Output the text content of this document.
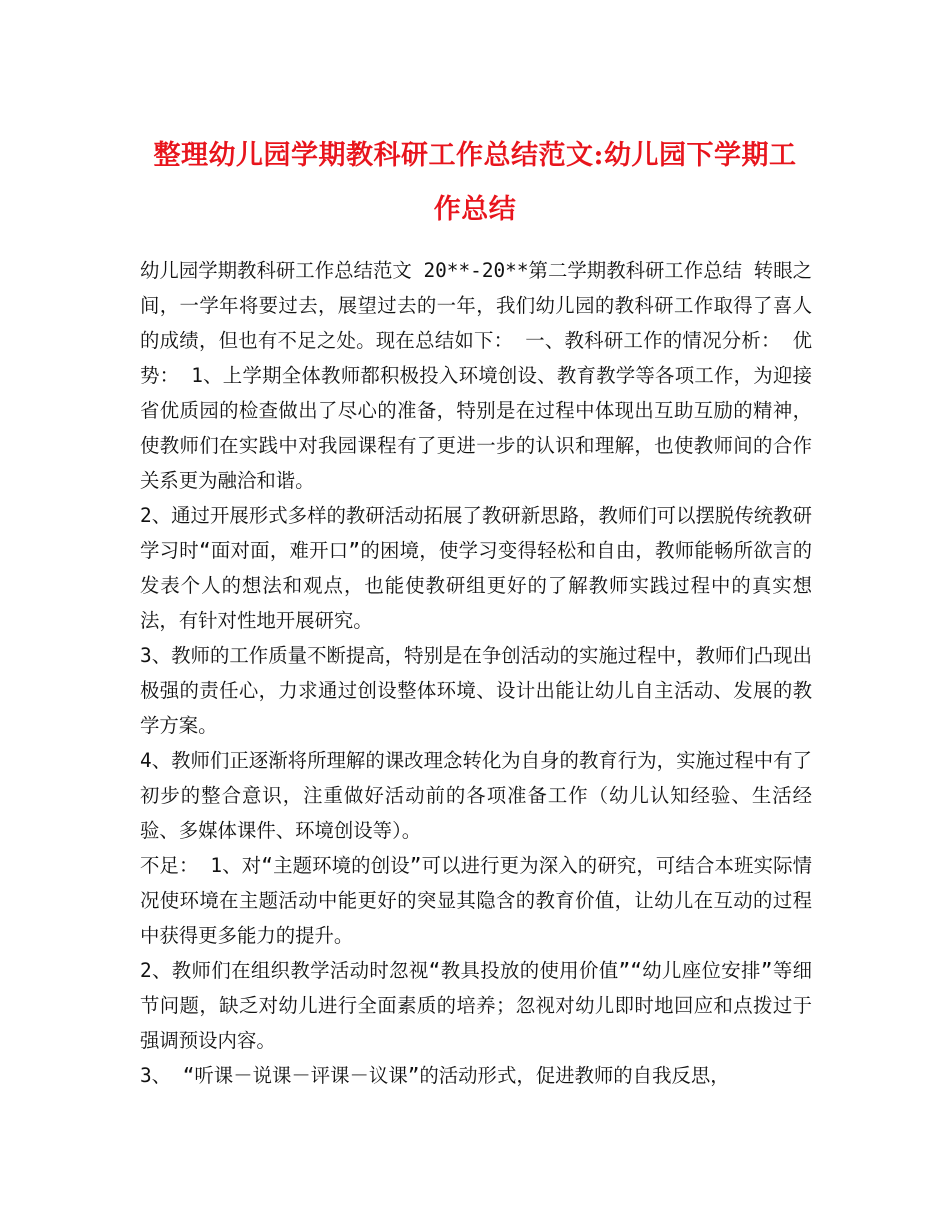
整理幼儿园学期教科研工作总结范文:幼儿园下学期工作总结

幼儿园学期教科研工作总结范文 20**-20**第二学期教科研工作总结 转眼之间，一学年将要过去，展望过去的一年，我们幼儿园的教科研工作取得了喜人的成绩，但也有不足之处。现在总结如下： 一、教科研工作的情况分析： 优势： 1、上学期全体教师都积极投入环境创设、教育教学等各项工作，为迎接省优质园的检查做出了尽心的准备，特别是在过程中体现出互助互励的精神，使教师们在实践中对我园课程有了更进一步的认识和理解，也使教师间的合作关系更为融洽和谐。

2、通过开展形式多样的教研活动拓展了教研新思路，教师们可以摆脱传统教研学习时“面对面，难开口”的困境，使学习变得轻松和自由，教师能畅所欲言的发表个人的想法和观点，也能使教研组更好的了解教师实践过程中的真实想法，有针对性地开展研究。

3、教师的工作质量不断提高，特别是在争创活动的实施过程中，教师们凸现出极强的责任心，力求通过创设整体环境、设计出能让幼儿自主活动、发展的教学方案。

4、教师们正逐渐将所理解的课改理念转化为自身的教育行为，实施过程中有了初步的整合意识，注重做好活动前的各项准备工作（幼儿认知经验、生活经验、多媒体课件、环境创设等）。

不足： 1、对“主题环境的创设”可以进行更为深入的研究，可结合本班实际情况使环境在主题活动中能更好的突显其隐含的教育价值，让幼儿在互动的过程中获得更多能力的提升。

2、教师们在组织教学活动时忽视“教具投放的使用价值”“幼儿座位安排”等细节问题，缺乏对幼儿进行全面素质的培养；忽视对幼儿即时地回应和点拨过于强调预设内容。

3、 “听课－说课－评课－议课”的活动形式，促进教师的自我反思，
